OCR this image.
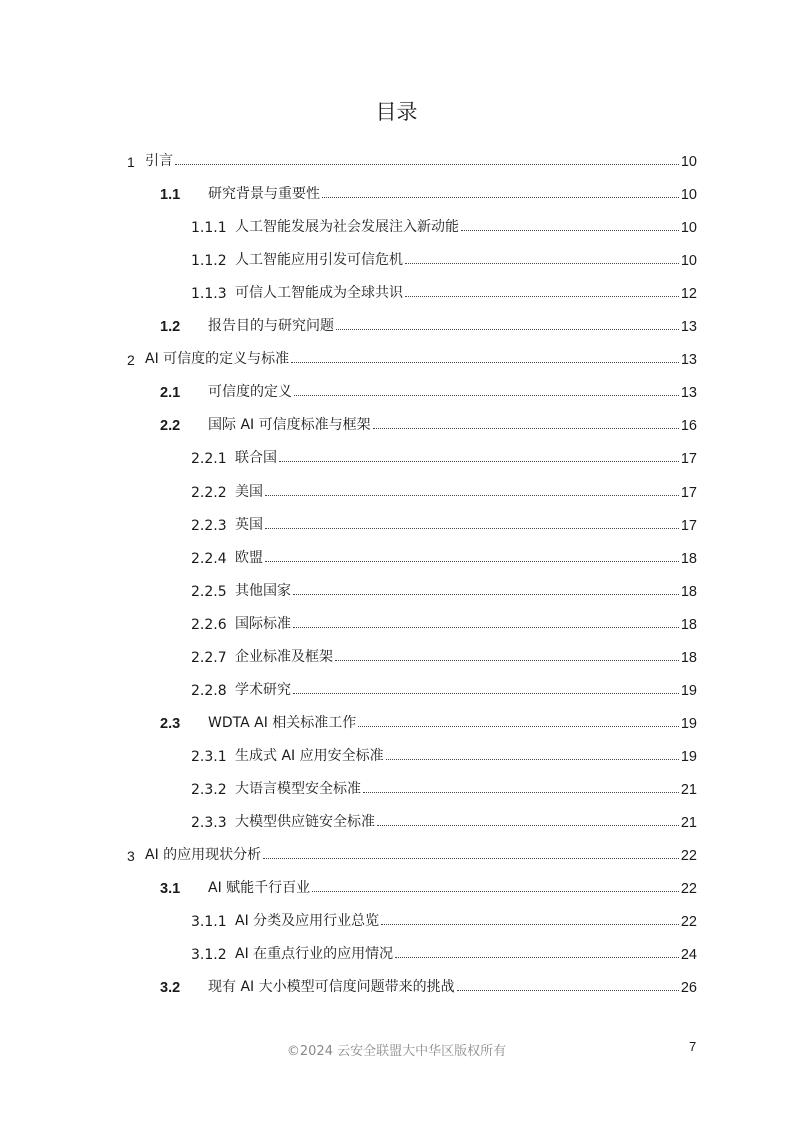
目录
1 引言	10
1.1	研究背景与重要性	10
1.1.1 人工智能发展为社会发展注入新动能	10
1.1.2 人工智能应用引发可信危机	10
1.1.3 可信人工智能成为全球共识	12
1.2	报告目的与研究问题	13
2 AI 可信度的定义与标准	13
2.1	可信度的定义	13
2.2	国际 AI 可信度标准与框架	16
2.2.1 联合国	17
2.2.2 美国	17
2.2.3 英国	17
2.2.4 欧盟	18
2.2.5 其他国家	18
2.2.6 国际标准	18
2.2.7 企业标准及框架	18
2.2.8 学术研究	19
2.3	WDTA AI 相关标准工作	19
2.3.1 生成式 AI 应用安全标准	19
2.3.2 大语言模型安全标准	21
2.3.3 大模型供应链安全标准	21
3 AI 的应用现状分析	22
3.1	AI 赋能千行百业	22
3.1.1 AI 分类及应用行业总览	22
3.1.2 AI 在重点行业的应用情况	24
3.2	现有 AI 大小模型可信度问题带来的挑战	26
©2024 云安全联盟大中华区版权所有	7
